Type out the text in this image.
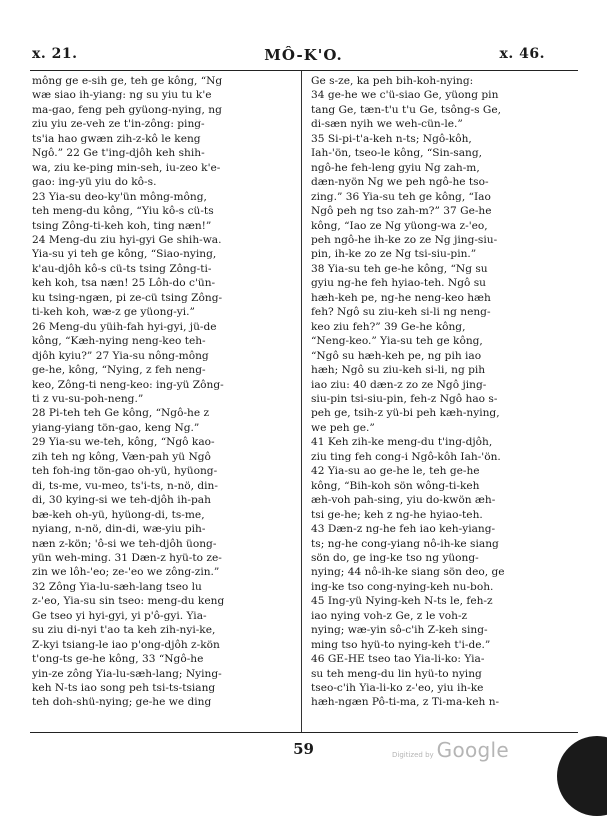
x. 21.	MÔ-K'O.	x. 46.
mông ge e-sih ge, teh ge kông, “Ng
wæ siao ih-yiang: ng su yiu tu k'e
ma-gao, feng peh gyüong-nying, ng
ziu yiu ze-veh ze t'in-zông: ping-
ts'ia hao gwæn zih-z-kô le keng
Ngô.” 22 Ge t'ing-djôh keh shih-
wa, ziu ke-ping min-seh, iu-zeo k'e-
gao: ing-yü yiu do kô-s.
23 Yia-su deo-ky'ün mông-mông,
teh meng-du kông, “Yiu kô-s cü-ts
tsing Zông-ti-keh koh, ting næn!”
24 Meng-du ziu hyi-gyi Ge shih-wa.
Yia-su yi teh ge kông, “Siao-nying,
k'au-djôh kô-s cü-ts tsing Zông-ti-
keh koh, tsa næn! 25 Lôh-do c'ün-
ku tsing-ngæn, pi ze-cü tsing Zông-
ti-keh koh, wæ-z ge yüong-yi.”
26 Meng-du yüih-fah hyi-gyi, jü-de
kông, “Kæh-nying neng-keo teh-
djôh kyiu?” 27 Yia-su nông-mông
ge-he, kông, “Nying, z feh neng-
keo, Zông-ti neng-keo: ing-yü Zông-
ti z vu-su-poh-neng.”
28 Pi-teh teh Ge kông, “Ngô-he z
yiang-yiang tön-gao, keng Ng.”
29 Yia-su we-teh, kông, “Ngô kao-
zih teh ng kông, Væn-pah yü Ngô
teh foh-ing tön-gao oh-yü, hyüong-
di, ts-me, vu-meo, ts'i-ts, n-nö, din-
di, 30 kying-si we teh-djôh ih-pah
bæ-keh oh-yü, hyüong-di, ts-me,
nyiang, n-nö, din-di, wæ-yiu pih-
næn z-kön; 'ô-si we teh-djôh üong-
yün weh-ming. 31 Dæn-z hyü-to ze-
zin we lôh-'eo; ze-'eo we zông-zin.”
32 Zông Yia-lu-sæh-lang tseo lu
z-'eo, Yia-su sin tseo: meng-du keng
Ge tseo yi hyi-gyi, yi p'ô-gyi. Yia-
su ziu di-nyi t'ao ta keh zih-nyi-ke,
Z-kyi tsiang-le iao p'ong-djôh z-kön
t'ong-ts ge-he kông, 33 “Ngô-he
yin-ze zông Yia-lu-sæh-lang; Nying-
keh N-ts iao song peh tsi-ts-tsiang
teh doh-shü-nying; ge-he we ding
Ge s-ze, ka peh bih-koh-nying:
34 ge-he we c'ü-siao Ge, yüong pin
tang Ge, tæn-t'u t'u Ge, tsông-s Ge,
di-sæn nyih we weh-cün-le.”
35 Si-pi-t'a-keh n-ts; Ngô-kôh,
Iah-'ön, tseo-le kông, “Sin-sang,
ngô-he feh-leng gyiu Ng zah-m,
dæn-nyön Ng we peh ngô-he tso-
zing.” 36 Yia-su teh ge kông, “Iao
Ngô peh ng tso zah-m?” 37 Ge-he
kông, “Iao ze Ng yüong-wa z-'eo,
peh ngô-he ih-ke zo ze Ng jing-siu-
pin, ih-ke zo ze Ng tsi-siu-pin.”
38 Yia-su teh ge-he kông, “Ng su
gyiu ng-he feh hyiao-teh. Ngô su
hæh-keh pe, ng-he neng-keo hæh
feh? Ngô su ziu-keh si-li ng neng-
keo ziu feh?” 39 Ge-he kông,
“Neng-keo.” Yia-su teh ge kông,
“Ngô su hæh-keh pe, ng pih iao
hæh; Ngô su ziu-keh si-li, ng pih
iao ziu: 40 dæn-z zo ze Ngô jing-
siu-pin tsi-siu-pin, feh-z Ngô hao s-
peh ge, tsih-z yü-bi peh kæh-nying,
we peh ge.”
41 Keh zih-ke meng-du t'ing-djôh,
ziu ting feh cong-i Ngô-kôh Iah-'ön.
42 Yia-su ao ge-he le, teh ge-he
kông, “Bih-koh sön wông-ti-keh
æh-voh pah-sing, yiu do-kwön æh-
tsi ge-he; keh z ng-he hyiao-teh.
43 Dæn-z ng-he feh iao keh-yiang-
ts; ng-he cong-yiang nô-ih-ke siang
sön do, ge ing-ke tso ng yüong-
nying; 44 nô-ih-ke siang sön deo, ge
ing-ke tso cong-nying-keh nu-boh.
45 Ing-yü Nying-keh N-ts le, feh-z
iao nying voh-z Ge, z le voh-z
nying; wæ-yin sô-c'ih Z-keh sing-
ming tso hyü-to nying-keh t'i-de.”
46 GE-HE tseo tao Yia-li-ko: Yia-
su teh meng-du lin hyü-to nying
tseo-c'ih Yia-li-ko z-'eo, yiu ih-ke
hæh-ngæn Pô-ti-ma, z Ti-ma-keh n-
59	Digitized by Google
